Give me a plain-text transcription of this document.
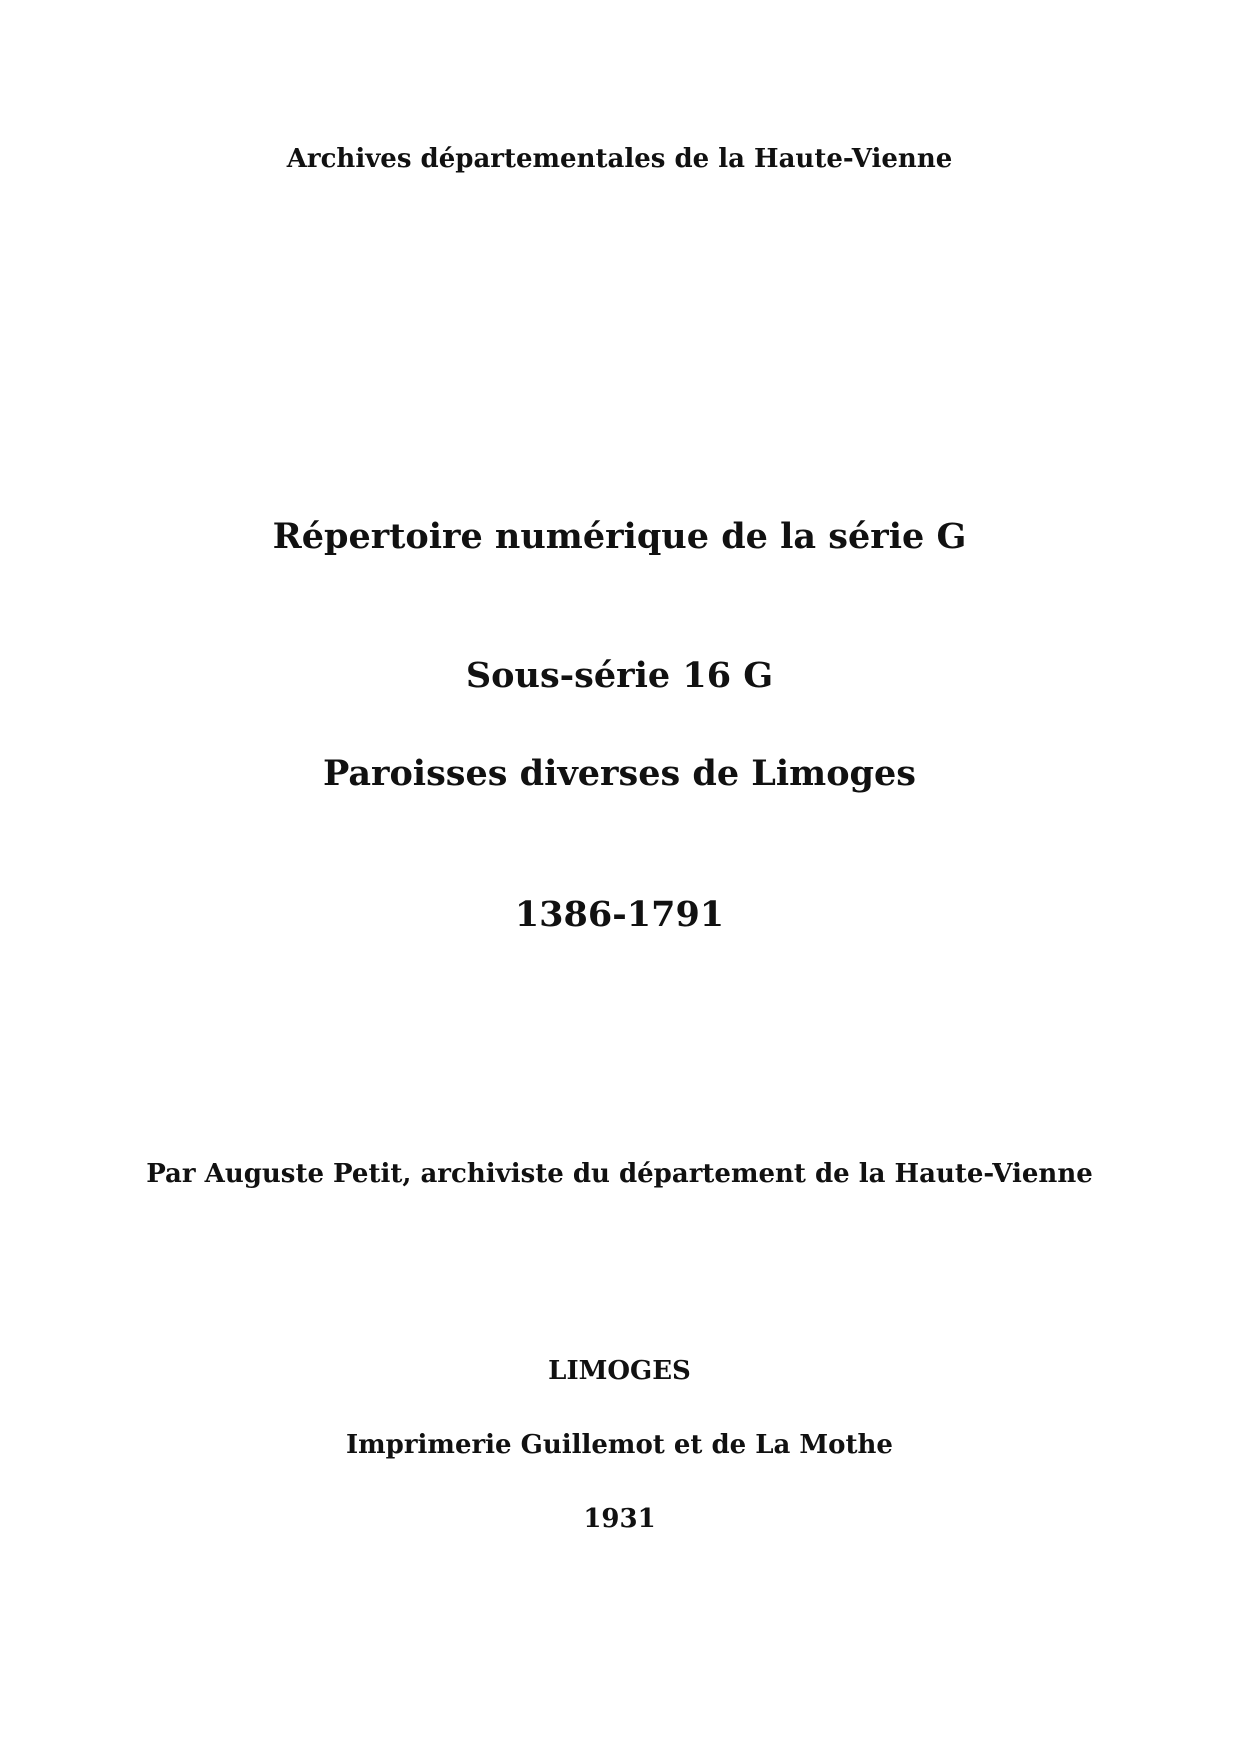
Archives départementales de la Haute-Vienne

Répertoire numérique de la série G

Sous-série 16 G

Paroisses diverses de Limoges

1386-1791

Par Auguste Petit, archiviste du département de la Haute-Vienne

LIMOGES

Imprimerie Guillemot et de La Mothe

1931
